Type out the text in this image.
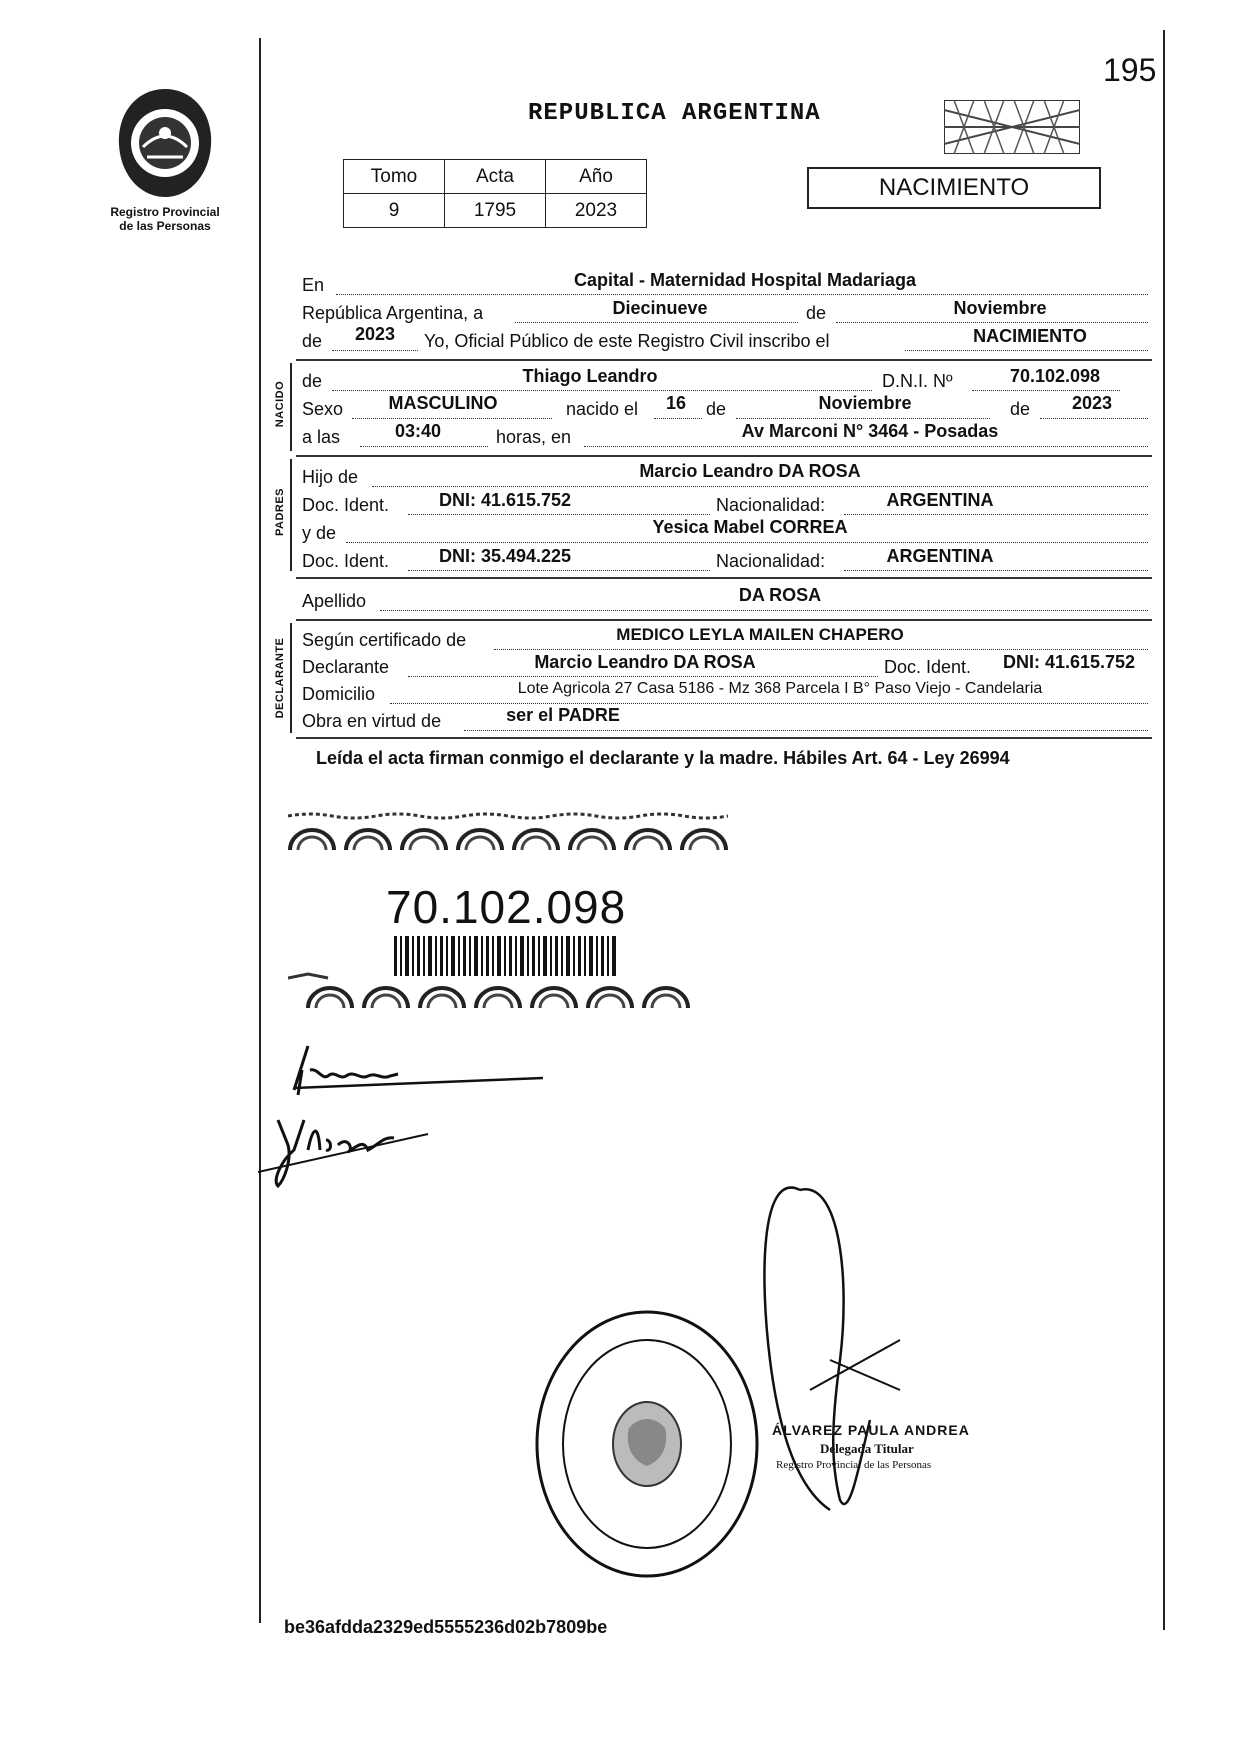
195
Registro Provincial
de las Personas
REPUBLICA ARGENTINA
Tomo	Acta	Año
9	1795	2023
NACIMIENTO
En	Capital - Maternidad Hospital Madariaga
República Argentina, a	Diecinueve	de	Noviembre
de	2023	Yo, Oficial Público de este Registro Civil inscribo el	NACIMIENTO
NACIDO de	Thiago Leandro	D.N.I. Nº	70.102.098
Sexo	MASCULINO	nacido el	16	de	Noviembre	de	2023
a las	03:40	horas, en	Av Marconi N° 3464 - Posadas
PADRES
Hijo de	Marcio Leandro DA ROSA
Doc. Ident.	DNI: 41.615.752	Nacionalidad:	ARGENTINA
y de	Yesica Mabel CORREA
Doc. Ident.	DNI: 35.494.225	Nacionalidad:	ARGENTINA
Apellido	DA ROSA
DECLARANTE Según certificado de	MEDICO LEYLA MAILEN CHAPERO
Declarante	Marcio Leandro DA ROSA	Doc. Ident.	DNI: 41.615.752
Domicilio	Lote Agricola 27 Casa 5186 - Mz 368 Parcela I B° Paso Viejo - Candelaria
Obra en virtud de	ser el PADRE
Leída el acta firman conmigo el declarante y la madre. Hábiles Art. 64 - Ley 26994
70.102.098
ÁLVAREZ PAULA ANDREA
Delegada Titular
Registro Provincial de las Personas
be36afdda2329ed5555236d02b7809be
